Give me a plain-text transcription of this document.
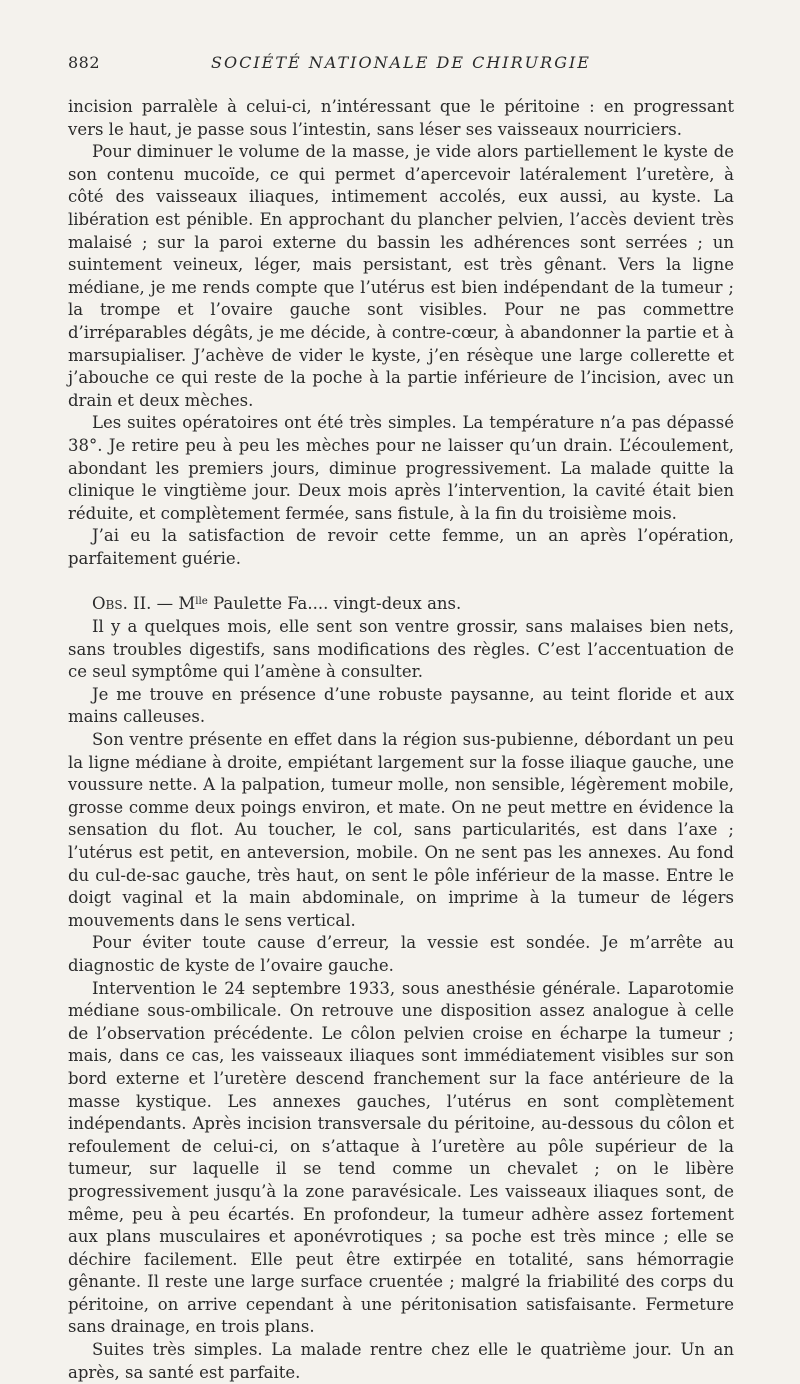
882	SOCIÉTÉ NATIONALE DE CHIRURGIE

incision parralèle à celui-ci, n’intéressant que le péritoine : en progressant vers le haut, je passe sous l’intestin, sans léser ses vaisseaux nourriciers.

Pour diminuer le volume de la masse, je vide alors partiellement le kyste de son contenu mucoïde, ce qui permet d’apercevoir latéralement l’uretère, à côté des vaisseaux iliaques, intimement accolés, eux aussi, au kyste. La libération est pénible. En approchant du plancher pelvien, l’accès devient très malaisé ; sur la paroi externe du bassin les adhérences sont serrées ; un suintement veineux, léger, mais persistant, est très gênant. Vers la ligne médiane, je me rends compte que l’utérus est bien indépendant de la tumeur ; la trompe et l’ovaire gauche sont visibles. Pour ne pas commettre d’irréparables dégâts, je me décide, à contre-cœur, à abandonner la partie et à marsupialiser. J’achève de vider le kyste, j’en résèque une large collerette et j’abouche ce qui reste de la poche à la partie inférieure de l’incision, avec un drain et deux mèches.

Les suites opératoires ont été très simples. La température n’a pas dépassé 38°. Je retire peu à peu les mèches pour ne laisser qu’un drain. L’écoulement, abondant les premiers jours, diminue progressivement. La malade quitte la clinique le vingtième jour. Deux mois après l’intervention, la cavité était bien réduite, et complètement fermée, sans fistule, à la fin du troisième mois.

J’ai eu la satisfaction de revoir cette femme, un an après l’opération, parfaitement guérie.

Obs. II. — $M^{lle}$ Paulette Fa.... vingt-deux ans.

Il y a quelques mois, elle sent son ventre grossir, sans malaises bien nets, sans troubles digestifs, sans modifications des règles. C’est l’accentuation de ce seul symptôme qui l’amène à consulter.

Je me trouve en présence d’une robuste paysanne, au teint floride et aux mains calleuses.

Son ventre présente en effet dans la région sus-pubienne, débordant un peu la ligne médiane à droite, empiétant largement sur la fosse iliaque gauche, une voussure nette. A la palpation, tumeur molle, non sensible, légèrement mobile, grosse comme deux poings environ, et mate. On ne peut mettre en évidence la sensation du flot. Au toucher, le col, sans particularités, est dans l’axe ; l’utérus est petit, en anteversion, mobile. On ne sent pas les annexes. Au fond du cul-de-sac gauche, très haut, on sent le pôle inférieur de la masse. Entre le doigt vaginal et la main abdominale, on imprime à la tumeur de légers mouvements dans le sens vertical.

Pour éviter toute cause d’erreur, la vessie est sondée. Je m’arrête au diagnostic de kyste de l’ovaire gauche.

Intervention le 24 septembre 1933, sous anesthésie générale. Laparotomie médiane sous-ombilicale. On retrouve une disposition assez analogue à celle de l’observation précédente. Le côlon pelvien croise en écharpe la tumeur ; mais, dans ce cas, les vaisseaux iliaques sont immédiatement visibles sur son bord externe et l’uretère descend franchement sur la face antérieure de la masse kystique. Les annexes gauches, l’utérus en sont complètement indépendants. Après incision transversale du péritoine, au-dessous du côlon et refoulement de celui-ci, on s’attaque à l’uretère au pôle supérieur de la tumeur, sur laquelle il se tend comme un chevalet ; on le libère progressivement jusqu’à la zone paravésicale. Les vaisseaux iliaques sont, de même, peu à peu écartés. En profondeur, la tumeur adhère assez fortement aux plans musculaires et aponévrotiques ; sa poche est très mince ; elle se déchire facilement. Elle peut être extirpée en totalité, sans hémorragie gênante. Il reste une large surface cruentée ; malgré la friabilité des corps du péritoine, on arrive cependant à une péritonisation satisfaisante. Fermeture sans drainage, en trois plans.

Suites très simples. La malade rentre chez elle le quatrième jour. Un an après, sa santé est parfaite.
